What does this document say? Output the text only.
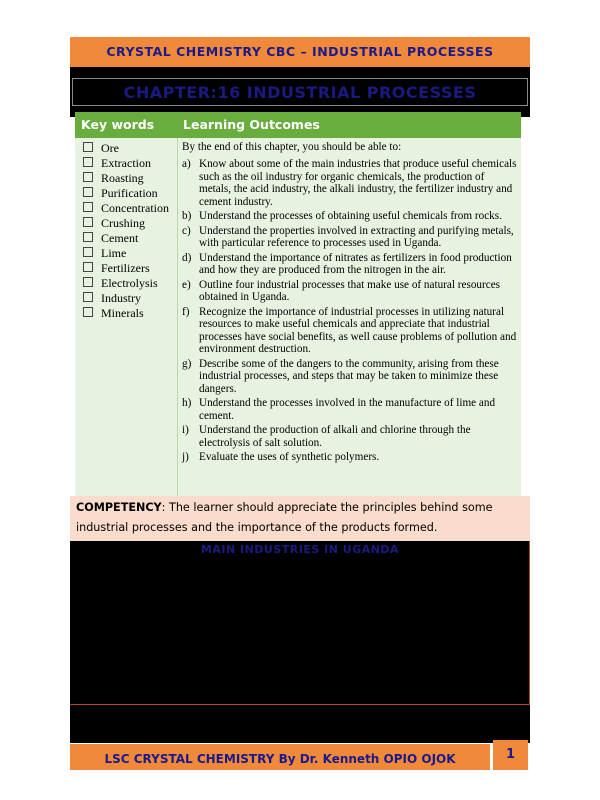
CRYSTAL CHEMISTRY CBC – INDUSTRIAL PROCESSES
CHAPTER:16 INDUSTRIAL PROCESSES
Key words Learning Outcomes
Ore
Extraction
Roasting
Purification
Concentration
Crushing
Cement
Lime
Fertilizers
Electrolysis
Industry
Minerals
By the end of this chapter, you should be able to:
a) Know about some of the main industries that produce useful chemicals such as the oil industry for organic chemicals, the production of metals, the acid industry, the alkali industry, the fertilizer industry and cement industry.
b) Understand the processes of obtaining useful chemicals from rocks.
c) Understand the properties involved in extracting and purifying metals, with particular reference to processes used in Uganda.
d) Understand the importance of nitrates as fertilizers in food production and how they are produced from the nitrogen in the air.
e) Outline four industrial processes that make use of natural resources obtained in Uganda.
f) Recognize the importance of industrial processes in utilizing natural resources to make useful chemicals and appreciate that industrial processes have social benefits, as well cause problems of pollution and environment destruction.
g) Describe some of the dangers to the community, arising from these industrial processes, and steps that may be taken to minimize these dangers.
h) Understand the processes involved in the manufacture of lime and cement.
i) Understand the production of alkali and chlorine through the electrolysis of salt solution.
j) Evaluate the uses of synthetic polymers.
COMPETENCY: The learner should appreciate the principles behind some industrial processes and the importance of the products formed.
MAIN INDUSTRIES IN UGANDA
LSC CRYSTAL CHEMISTRY By Dr. Kenneth OPIO OJOK	1
